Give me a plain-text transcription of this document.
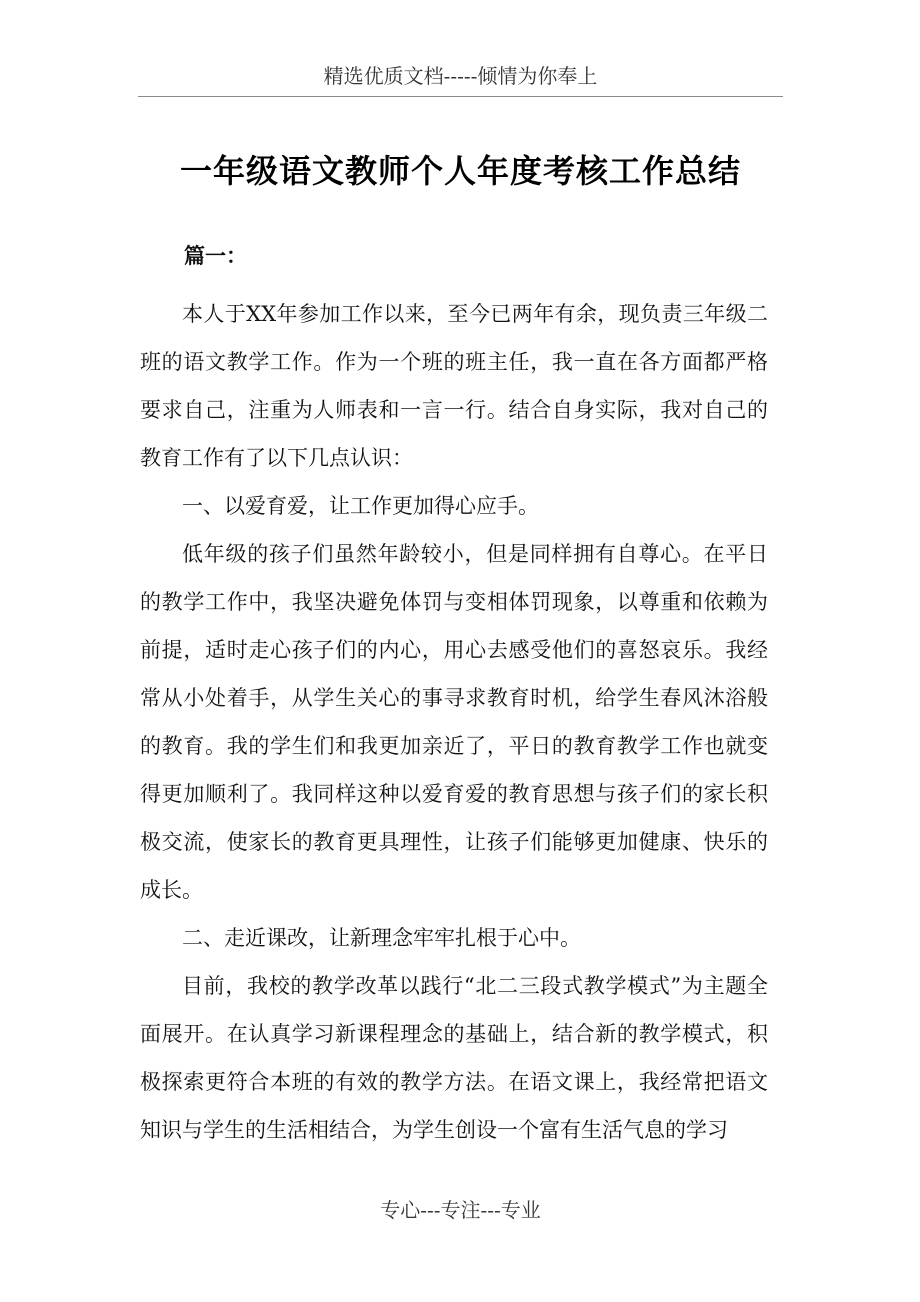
精选优质文档-----倾情为你奉上
一年级语文教师个人年度考核工作总结
篇一：

本人于XX年参加工作以来，至今已两年有余，现负责三年级二班的语文教学工作。作为一个班的班主任，我一直在各方面都严格要求自己，注重为人师表和一言一行。结合自身实际，我对自己的教育工作有了以下几点认识：

一、以爱育爱，让工作更加得心应手。

低年级的孩子们虽然年龄较小，但是同样拥有自尊心。在平日的教学工作中，我坚决避免体罚与变相体罚现象，以尊重和依赖为前提，适时走心孩子们的内心，用心去感受他们的喜怒哀乐。我经常从小处着手，从学生关心的事寻求教育时机，给学生春风沐浴般的教育。我的学生们和我更加亲近了，平日的教育教学工作也就变得更加顺利了。我同样这种以爱育爱的教育思想与孩子们的家长积极交流，使家长的教育更具理性，让孩子们能够更加健康、快乐的成长。

二、走近课改，让新理念牢牢扎根于心中。

目前，我校的教学改革以践行“北二三段式教学模式”为主题全面展开。在认真学习新课程理念的基础上，结合新的教学模式，积极探索更符合本班的有效的教学方法。在语文课上，我经常把语文知识与学生的生活相结合，为学生创设一个富有生活气息的学习

专心---专注---专业
